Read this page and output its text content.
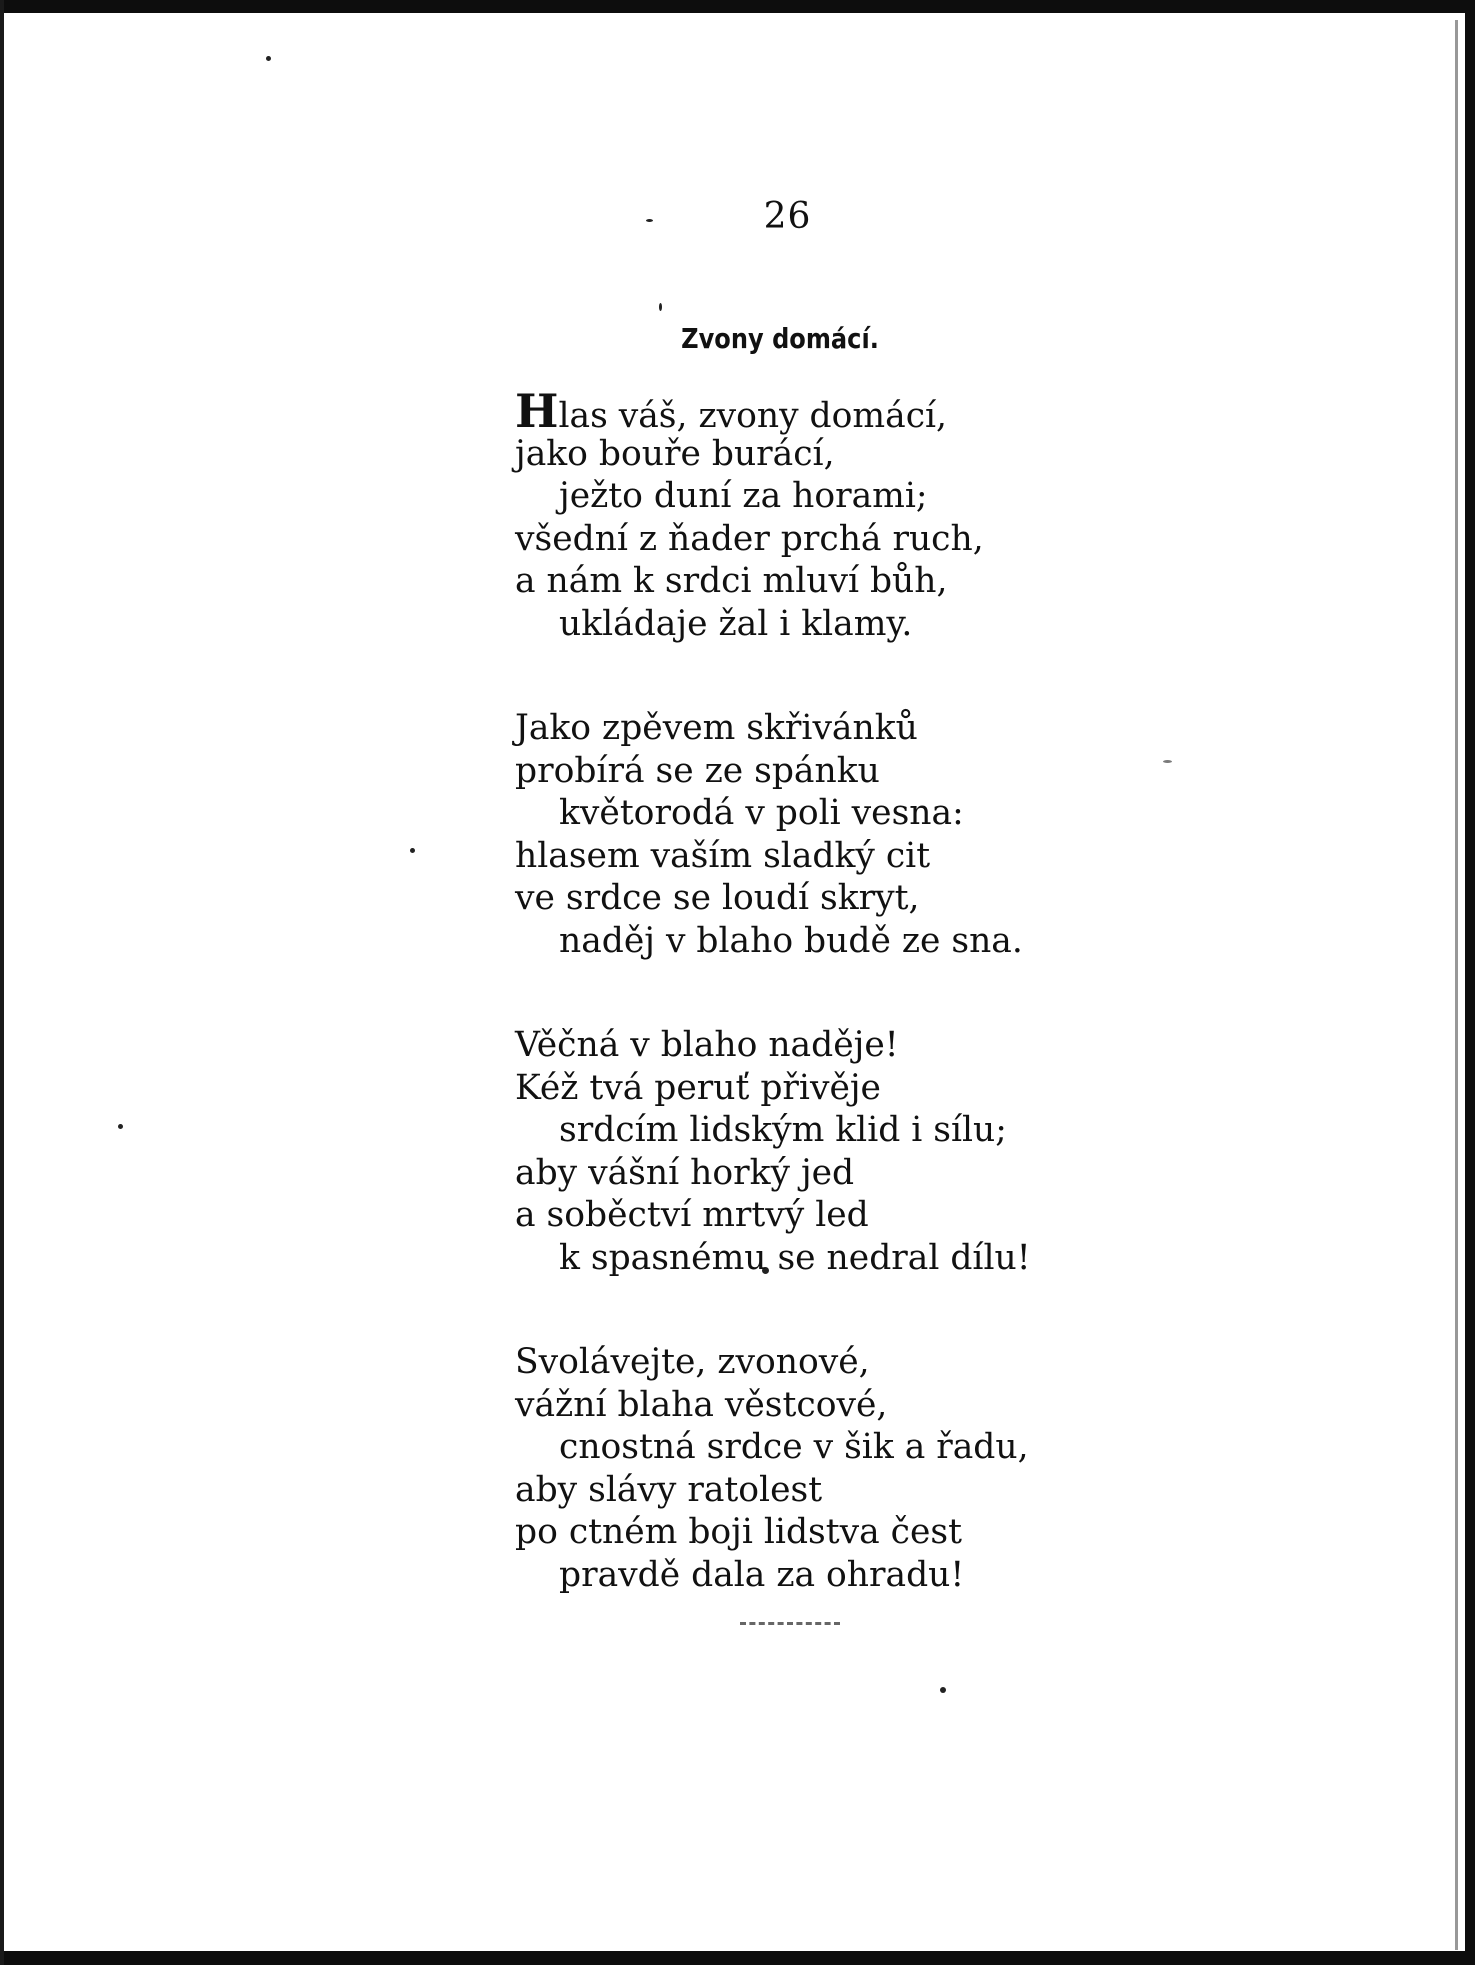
26
Zvony domácí.
Hlas váš, zvony domácí,
jako bouře burácí,
ježto duní za horami;
všední z ňader prchá ruch,
a nám k srdci mluví bůh,
ukládaje žal i klamy.
Jako zpěvem skřivánků
probírá se ze spánku
květorodá v poli vesna:
hlasem vaším sladký cit
ve srdce se loudí skryt,
naděj v blaho budě ze sna.
Věčná v blaho naděje!
Kéž tvá peruť přivěje
srdcím lidským klid i sílu;
aby vášní horký jed
a soběctví mrtvý led
k spasnému se nedral dílu!
Svolávejte, zvonové,
vážní blaha věstcové,
cnostná srdce v šik a řadu,
aby slávy ratolest
po ctném boji lidstva čest
pravdě dala za ohradu!
